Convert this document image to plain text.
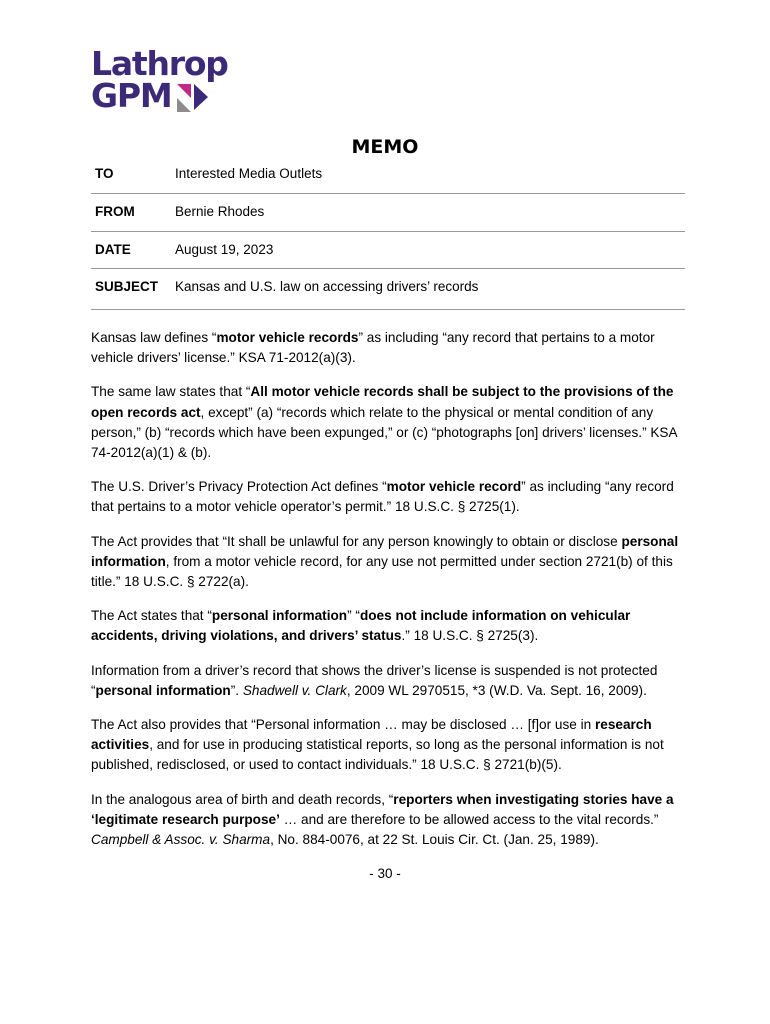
Lathrop
GPM
MEMO
TO	Interested Media Outlets
FROM	Bernie Rhodes
DATE	August 19, 2023
SUBJECT Kansas and U.S. law on accessing drivers’ records

Kansas law defines “motor vehicle records” as including “any record that pertains to a motor vehicle drivers’ license.” KSA 71-2012(a)(3).

The same law states that “All motor vehicle records shall be subject to the provisions of the open records act, except” (a) “records which relate to the physical or mental condition of any person,” (b) “records which have been expunged,” or (c) “photographs [on] drivers’ licenses.” KSA 74-2012(a)(1) & (b).

The U.S. Driver’s Privacy Protection Act defines “motor vehicle record” as including “any record that pertains to a motor vehicle operator’s permit.” 18 U.S.C. § 2725(1).

The Act provides that “It shall be unlawful for any person knowingly to obtain or disclose personal information, from a motor vehicle record, for any use not permitted under section 2721(b) of this title.” 18 U.S.C. § 2722(a).

The Act states that “personal information” “does not include information on vehicular accidents, driving violations, and drivers’ status.” 18 U.S.C. § 2725(3).

Information from a driver’s record that shows the driver’s license is suspended is not protected “personal information”. Shadwell v. Clark, 2009 WL 2970515, *3 (W.D. Va. Sept. 16, 2009).

The Act also provides that “Personal information … may be disclosed … [f]or use in research activities, and for use in producing statistical reports, so long as the personal information is not published, redisclosed, or used to contact individuals.” 18 U.S.C. § 2721(b)(5).

In the analogous area of birth and death records, “reporters when investigating stories have a ‘legitimate research purpose’ … and are therefore to be allowed access to the vital records.” Campbell & Assoc. v. Sharma, No. 884-0076, at 22 St. Louis Cir. Ct. (Jan. 25, 1989).

- 30 -
